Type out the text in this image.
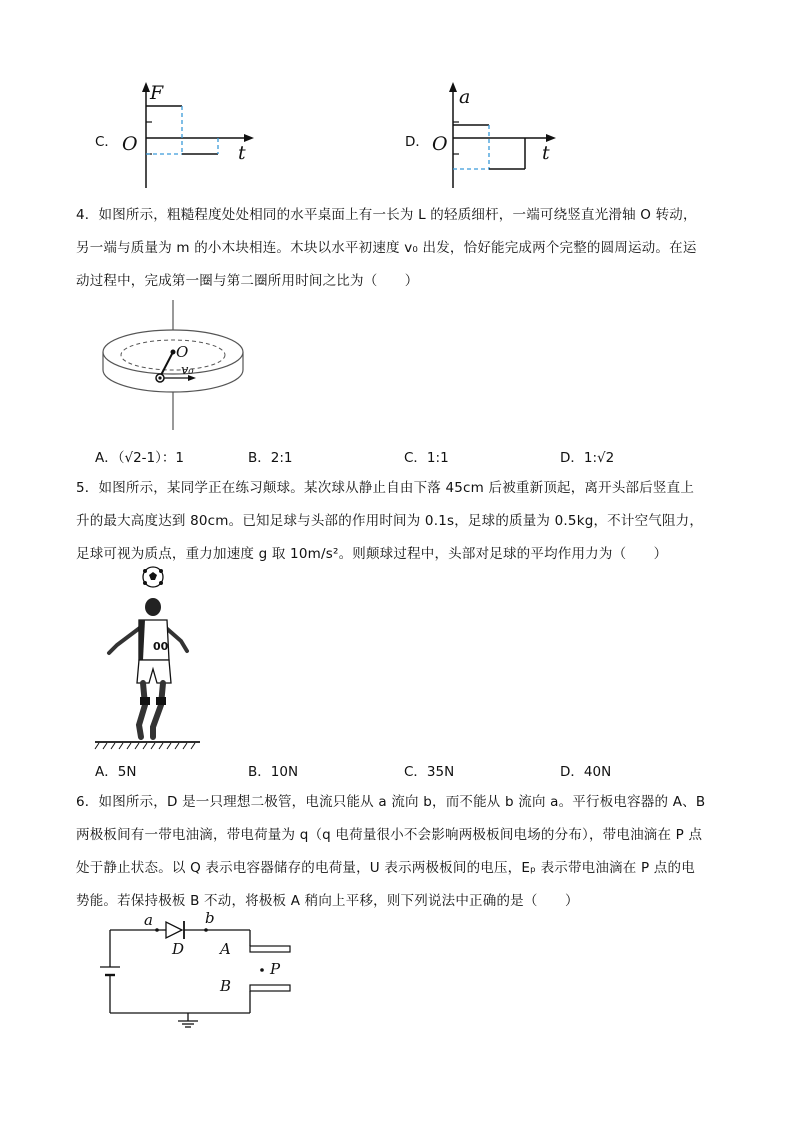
C．
F
t
O	D．
a
t
O
4．如图所示，粗糙程度处处相同的水平桌面上有一长为 L 的轻质细杆，一端可绕竖直光滑轴 O 转动，
另一端与质量为 m 的小木块相连。木块以水平初速度 v₀ 出发，恰好能完成两个完整的圆周运动。在运
动过程中，完成第一圈与第二圈所用时间之比为（　　）
O
v₀
A．（√2-1）：1	B．2:1	C．1:1	D．1:√2
5．如图所示，某同学正在练习颠球。某次球从静止自由下落 45cm 后被重新顶起，离开头部后竖直上
升的最大高度达到 80cm。已知足球与头部的作用时间为 0.1s，足球的质量为 0.5kg，不计空气阻力，
足球可视为质点，重力加速度 g 取 10m/s²。则颠球过程中，头部对足球的平均作用力为（　　）
00
A．5N	B．10N	C．35N	D．40N
6．如图所示，D 是一只理想二极管，电流只能从 a 流向 b，而不能从 b 流向 a。平行板电容器的 A、B
两极板间有一带电油滴，带电荷量为 q（q 电荷量很小不会影响两极板间电场的分布），带电油滴在 P 点
处于静止状态。以 Q 表示电容器储存的电荷量，U 表示两极板间的电压，Eₚ 表示带电油滴在 P 点的电
势能。若保持极板 B 不动，将极板 A 稍向上平移，则下列说法中正确的是（　　）
a	b
D A
P
B
